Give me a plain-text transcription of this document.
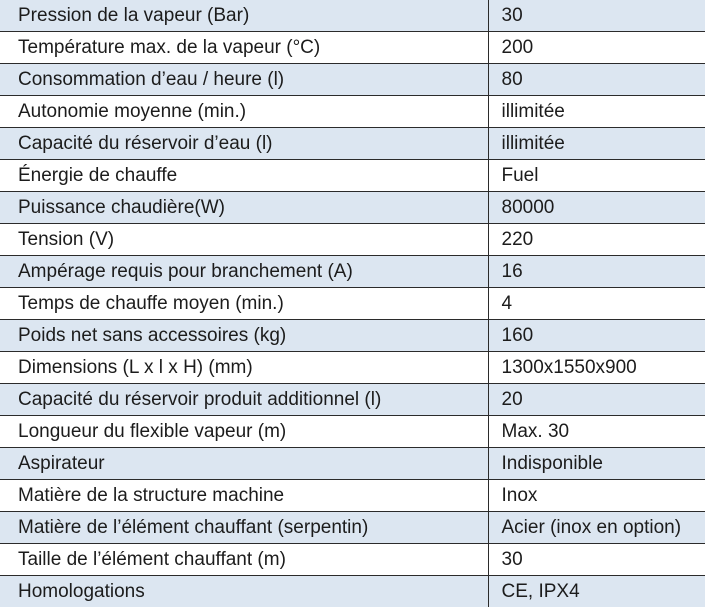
Pression de la vapeur (Bar)	30
Température max. de la vapeur (°C)	200
Consommation d’eau / heure (l)	80
Autonomie moyenne (min.)	illimitée
Capacité du réservoir d’eau (l)	illimitée
Énergie de chauffe	Fuel
Puissance chaudière(W)	80000
Tension (V)	220
Ampérage requis pour branchement (A)	16
Temps de chauffe moyen (min.)	4
Poids net sans accessoires (kg)	160
Dimensions (L x l x H) (mm)	1300x1550x900
Capacité du réservoir produit additionnel (l)	20
Longueur du flexible vapeur (m)	Max. 30
Aspirateur	Indisponible
Matière de la structure machine	Inox
Matière de l’élément chauffant (serpentin)	Acier (inox en option)
Taille de l’élément chauffant (m)	30
Homologations	CE, IPX4
